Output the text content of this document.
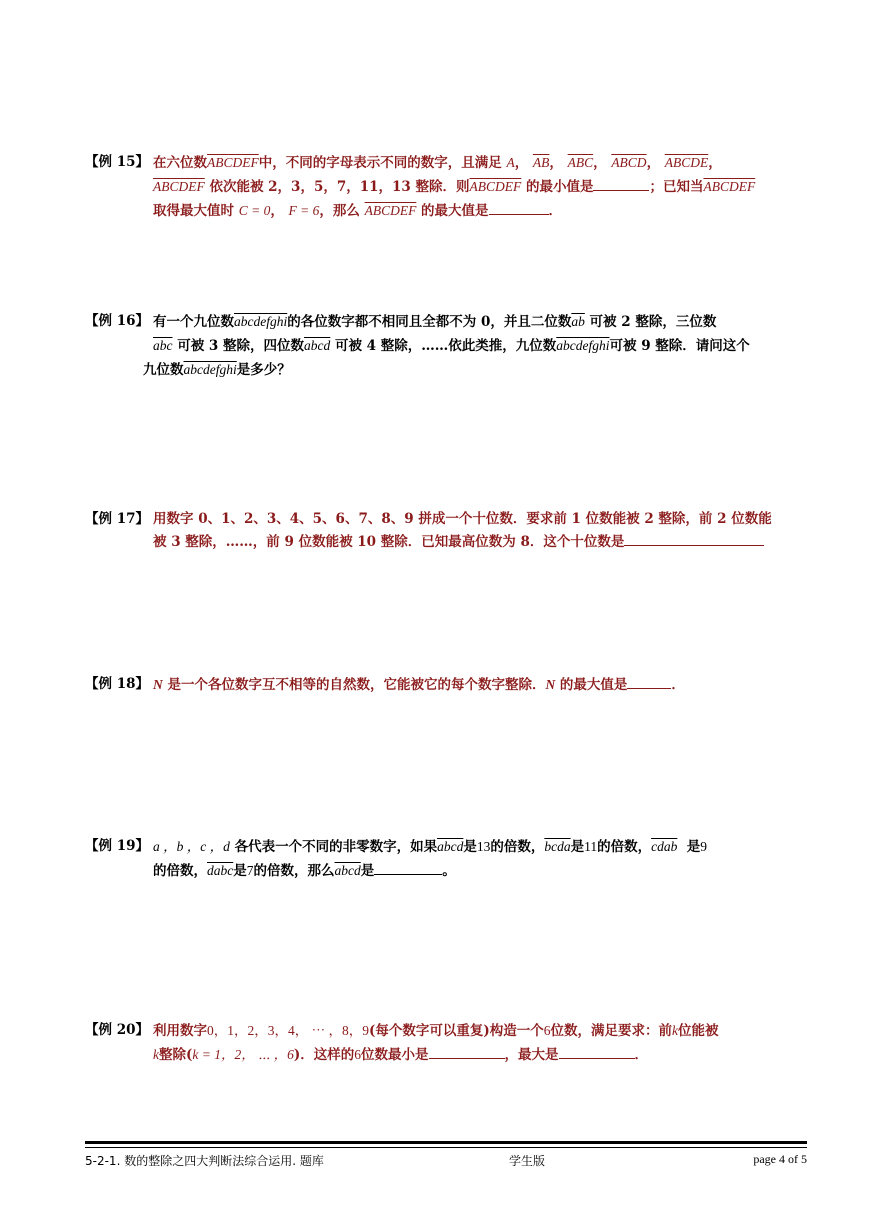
【例 15】 在六位数ABCDEF中，不同的字母表示不同的数字，且满足 A， $\overline{AB}$， $\overline{ABC}$， ABCD， ABCDE，
ABCDEF 依次能被 2，3，5，7，11，13 整除．则ABCDEF 的最小值是	；已知当ABCDEF
取得最大值时 C = 0， F = 6，那么 ABCDEF 的最大值是	．
【例 16】 有一个九位数abcdefghi的各位数字都不相同且全都不为 0，并且二位数$\overline{ab}$ 可被 2 整除，三位数
$\overline{abc}$ 可被 3 整除，四位数abcd 可被 4 整除，……依此类推，九位数abcdefghi可被 9 整除．请问这个
九位数abcdefghi是多少？
【例 17】 用数字 0、1、2、3、4、5、6、7、8、9 拼成一个十位数．要求前 1 位数能被 2 整除，前 2 位数能
被 3 整除，……，前 9 位数能被 10 整除．已知最高位数为 8．这个十位数是
【例 18】 N 是一个各位数字互不相等的自然数，它能被它的每个数字整除．N 的最大值是	．
【例 19】 a ，b ，c ，d 各代表一个不同的非零数字，如果abcd是13的倍数，bcda是11的倍数，cdab 是9
的倍数，dabc是7的倍数，那么abcd是	。
【例 20】 利用数字0，1，2，3，4， ⋯ ，8，9(每个数字可以重复)构造一个6位数，满足要求：前k位能被
k整除(k = 1，2， ⋯ ，6)．这样的6位数最小是	，最大是	．
5-2-1. 数的整除之四大判断法综合运用. 题库	学生版	page 4 of 5
